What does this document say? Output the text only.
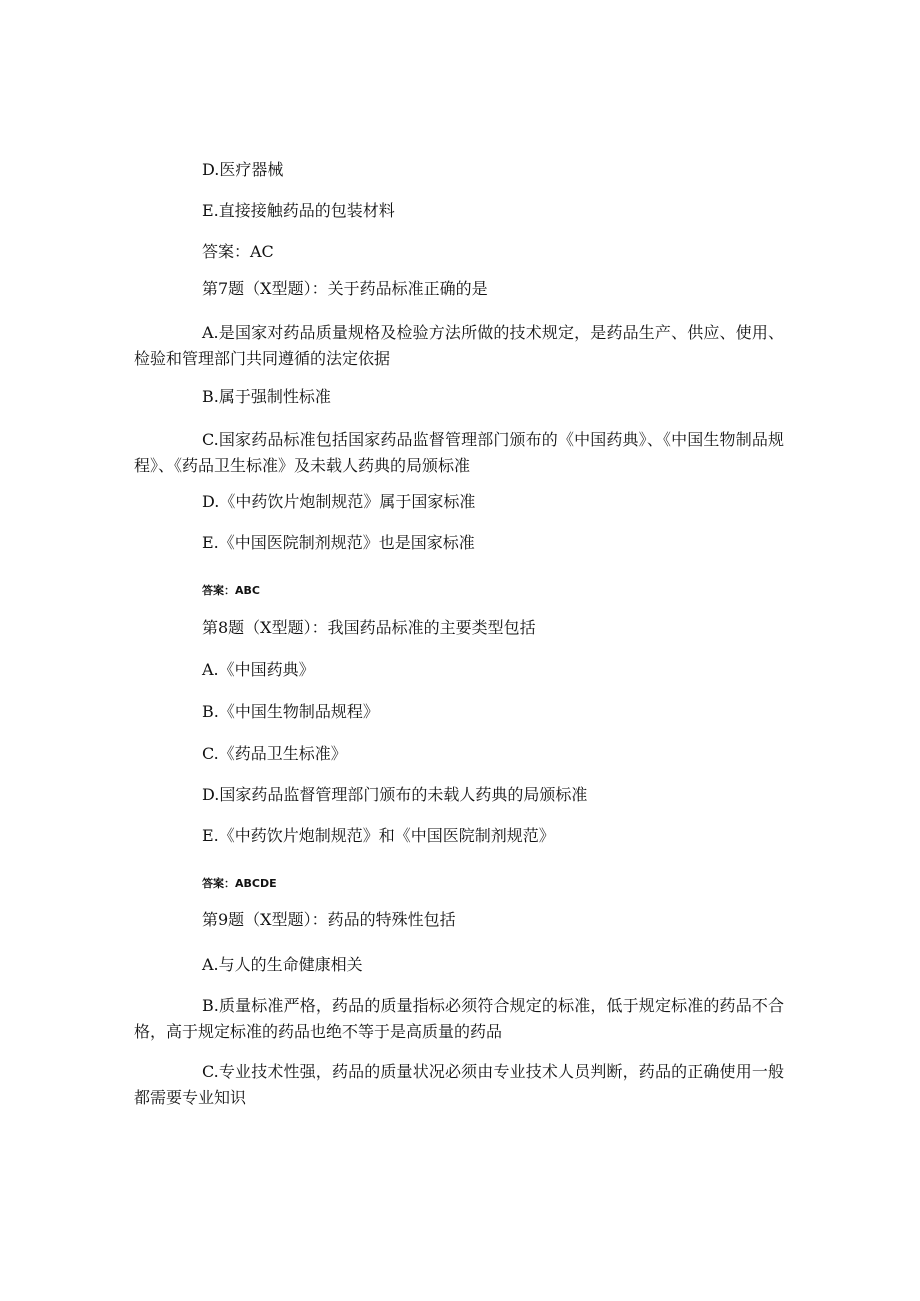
D.医疗器械
E.直接接触药品的包装材料
答案：AC
第7题（X型题）：关于药品标准正确的是
A.是国家对药品质量规格及检验方法所做的技术规定，是药品生产、供应、使用、检验和管理部门共同遵循的法定依据
B.属于强制性标准
C.国家药品标准包括国家药品监督管理部门颁布的《中国药典》、《中国生物制品规程》、《药品卫生标准》及未载人药典的局颁标准
D.《中药饮片炮制规范》属于国家标准
E.《中国医院制剂规范》也是国家标准
答案：ABC
第8题（X型题）：我国药品标准的主要类型包括
A.《中国药典》
B.《中国生物制品规程》
C.《药品卫生标准》
D.国家药品监督管理部门颁布的未载人药典的局颁标准
E.《中药饮片炮制规范》和《中国医院制剂规范》
答案：ABCDE
第9题（X型题）：药品的特殊性包括
A.与人的生命健康相关
B.质量标准严格，药品的质量指标必须符合规定的标准，低于规定标准的药品不合格，高于规定标准的药品也绝不等于是高质量的药品
C.专业技术性强，药品的质量状况必须由专业技术人员判断，药品的正确使用一般都需要专业知识
